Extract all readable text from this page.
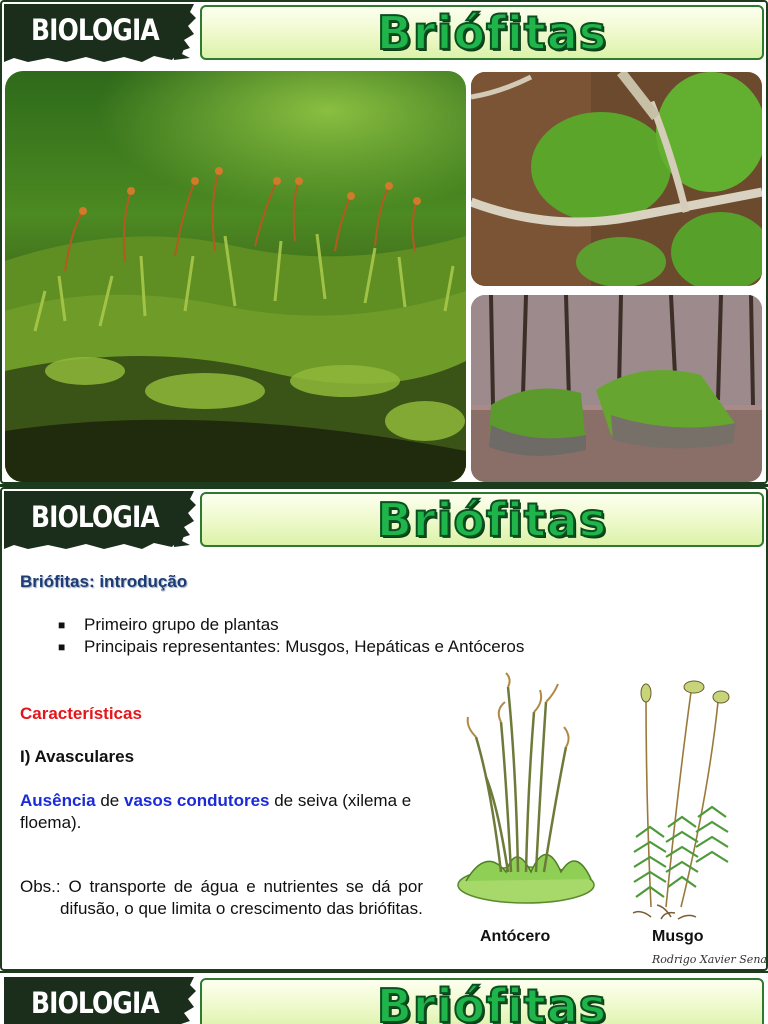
BIOLOGIA	Briófitas
BIOLOGIA	Briófitas
Briófitas: introdução
■	Primeiro grupo de plantas
■	Principais representantes: Musgos, Hepáticas e Antóceros
Características
I) Avasculares
Ausência de vasos condutores de seiva (xilema e floema).
Obs.: O transporte de água e nutrientes se dá por difusão, o que limita o crescimento das briófitas.
Antócero	Musgo
Rodrigo Xavier Sena
BIOLOGIA	Briófitas
